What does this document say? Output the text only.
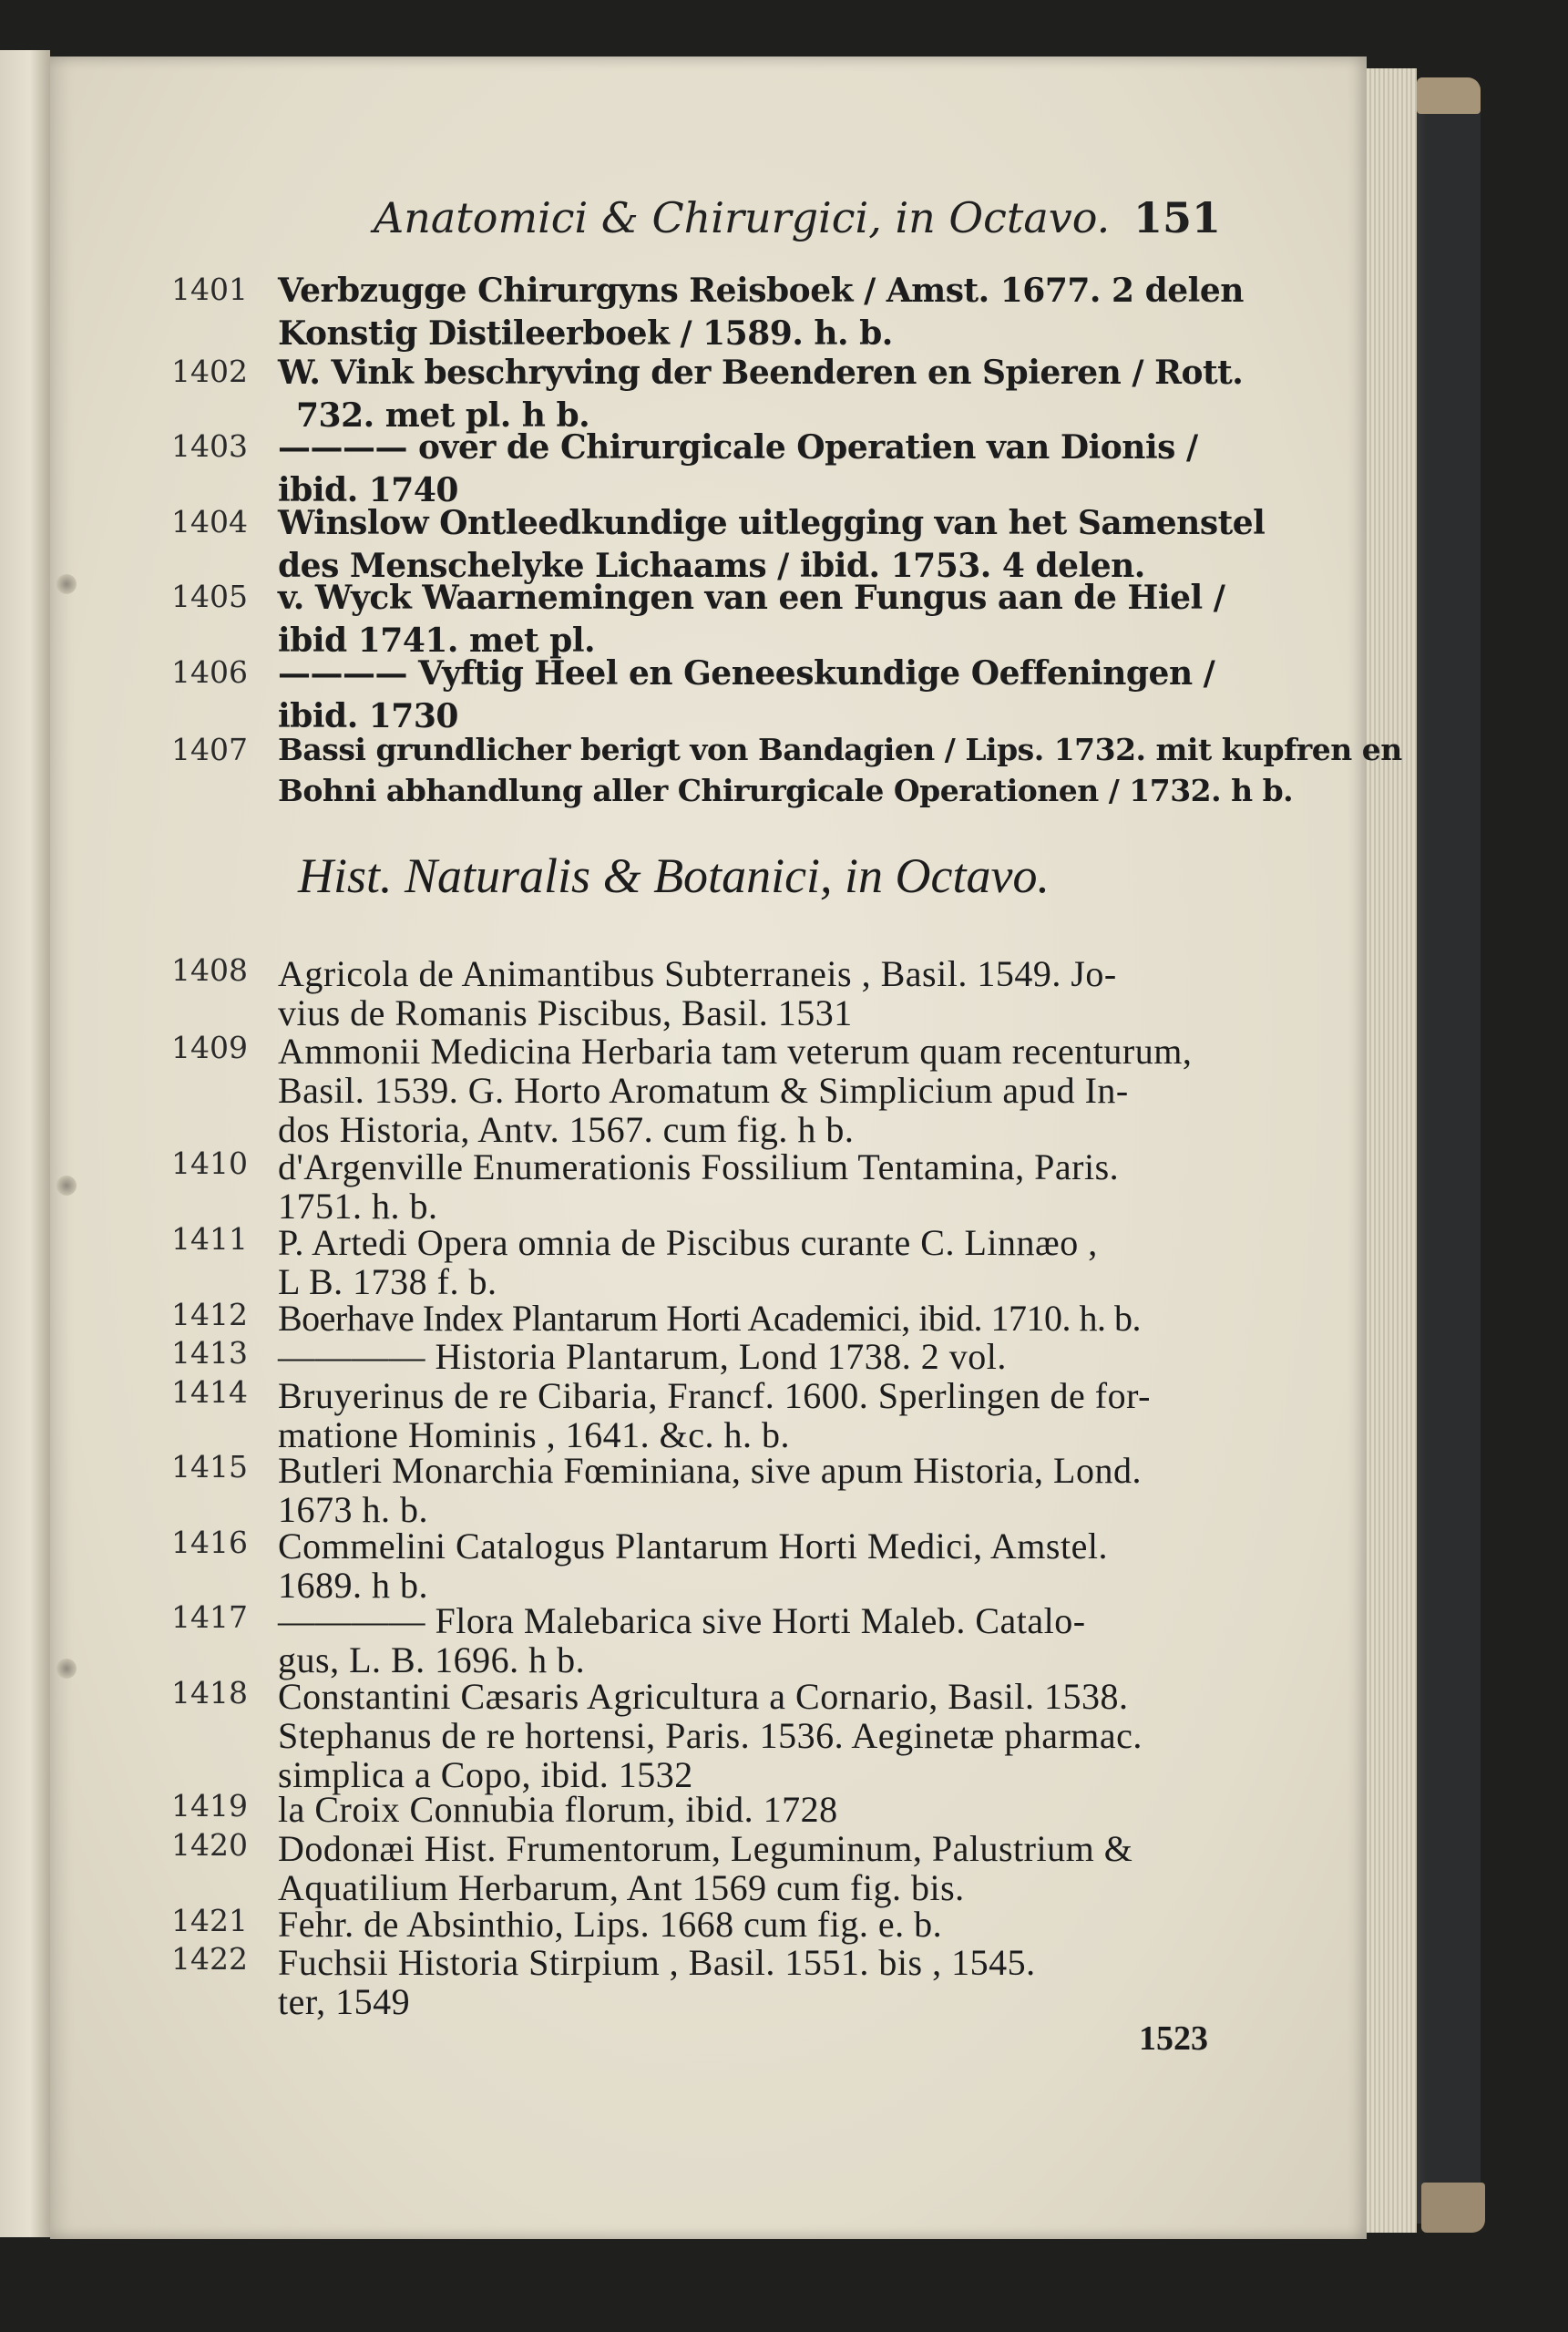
Anatomici & Chirurgici, in Octavo. 151
1401 Verbzugge Chirurgyns Reisboek / Amst. 1677. 2 delen
Konstig Distileerboek / 1589. h. b.
1402 W. Vink beschryving der Beenderen en Spieren / Rott.
732. met pl. h b.
1403 ———— over de Chirurgicale Operatien van Dionis /
ibid. 1740
1404 Winslow Ontleedkundige uitlegging van het Samenstel
des Menschelyke Lichaams / ibid. 1753. 4 delen.
1405 v. Wyck Waarnemingen van een Fungus aan de Hiel /
ibid 1741. met pl.
1406 ———— Vyftig Heel en Geneeskundige Oeffeningen /
ibid. 1730
1407 Bassi grundlicher berigt von Bandagien / Lips. 1732. mit kupfren en
Bohni abhandlung aller Chirurgicale Operationen / 1732. h b.
Hist. Naturalis & Botanici, in Octavo.
1408 Agricola de Animantibus Subterraneis , Basil. 1549. Jo-
vius de Romanis Piscibus, Basil. 1531
1409 Ammonii Medicina Herbaria tam veterum quam recenturum,
Basil. 1539. G. Horto Aromatum & Simplicium apud In-
dos Historia, Antv. 1567. cum fig. h b.
1410 d'Argenville Enumerationis Fossilium Tentamina, Paris.
1751. h. b.
1411 P. Artedi Opera omnia de Piscibus curante C. Linnæo ,
L B. 1738 f. b.
1412 Boerhave Index Plantarum Horti Academici, ibid. 1710. h. b.
1413 ———— Historia Plantarum, Lond 1738. 2 vol.
1414 Bruyerinus de re Cibaria, Francf. 1600. Sperlingen de for-
matione Hominis , 1641. &c. h. b.
1415 Butleri Monarchia Fœminiana, sive apum Historia, Lond.
1673 h. b.
1416 Commelini Catalogus Plantarum Horti Medici, Amstel.
1689. h b.
1417 ———— Flora Malebarica sive Horti Maleb. Catalo-
gus, L. B. 1696. h b.
1418 Constantini Cæsaris Agricultura a Cornario, Basil. 1538.
Stephanus de re hortensi, Paris. 1536. Aeginetæ pharmac.
simplica a Copo, ibid. 1532
1419 la Croix Connubia florum, ibid. 1728
1420 Dodonæi Hist. Frumentorum, Leguminum, Palustrium &
Aquatilium Herbarum, Ant 1569 cum fig. bis.
1421 Fehr. de Absinthio, Lips. 1668 cum fig. e. b.
1422 Fuchsii Historia Stirpium , Basil. 1551. bis , 1545.
ter, 1549
1523
